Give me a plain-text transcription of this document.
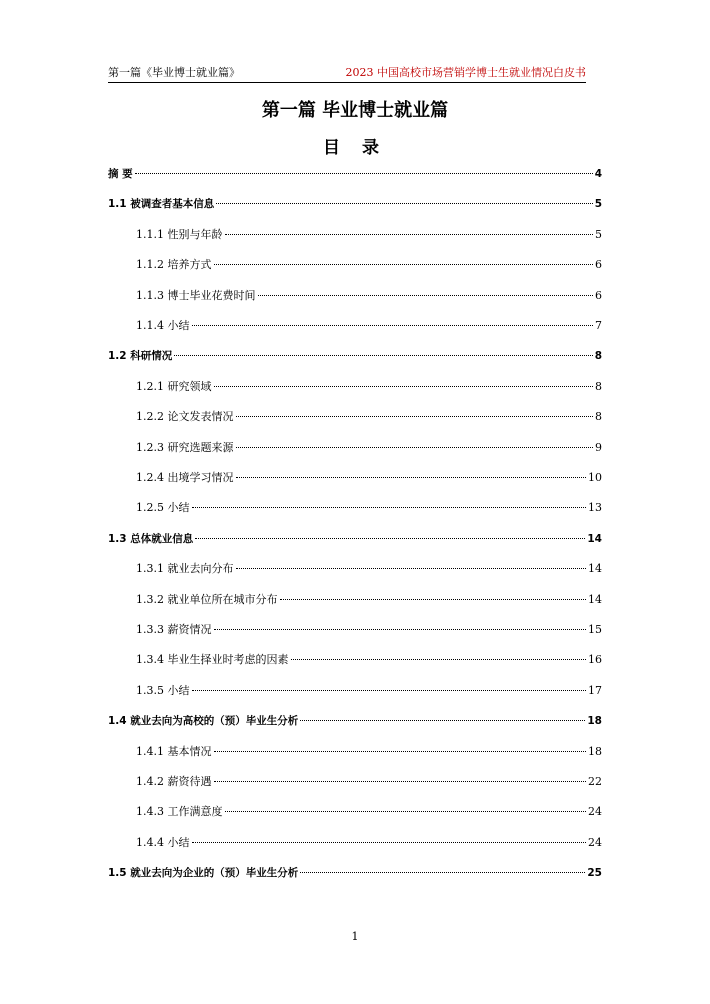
第一篇《毕业博士就业篇》	2023 中国高校市场营销学博士生就业情况白皮书
第一篇 毕业博士就业篇
目 录
摘 要	4
1.1 被调查者基本信息	5
1.1.1 性别与年龄	5
1.1.2 培养方式	6
1.1.3 博士毕业花费时间	6
1.1.4 小结	7
1.2 科研情况	8
1.2.1 研究领域	8
1.2.2 论文发表情况	8
1.2.3 研究选题来源	9
1.2.4 出境学习情况	10
1.2.5 小结	13
1.3 总体就业信息	14
1.3.1 就业去向分布	14
1.3.2 就业单位所在城市分布	14
1.3.3 薪资情况	15
1.3.4 毕业生择业时考虑的因素	16
1.3.5 小结	17
1.4 就业去向为高校的（预）毕业生分析	18
1.4.1 基本情况	18
1.4.2 薪资待遇	22
1.4.3 工作满意度	24
1.4.4 小结	24
1.5 就业去向为企业的（预）毕业生分析	25
1
